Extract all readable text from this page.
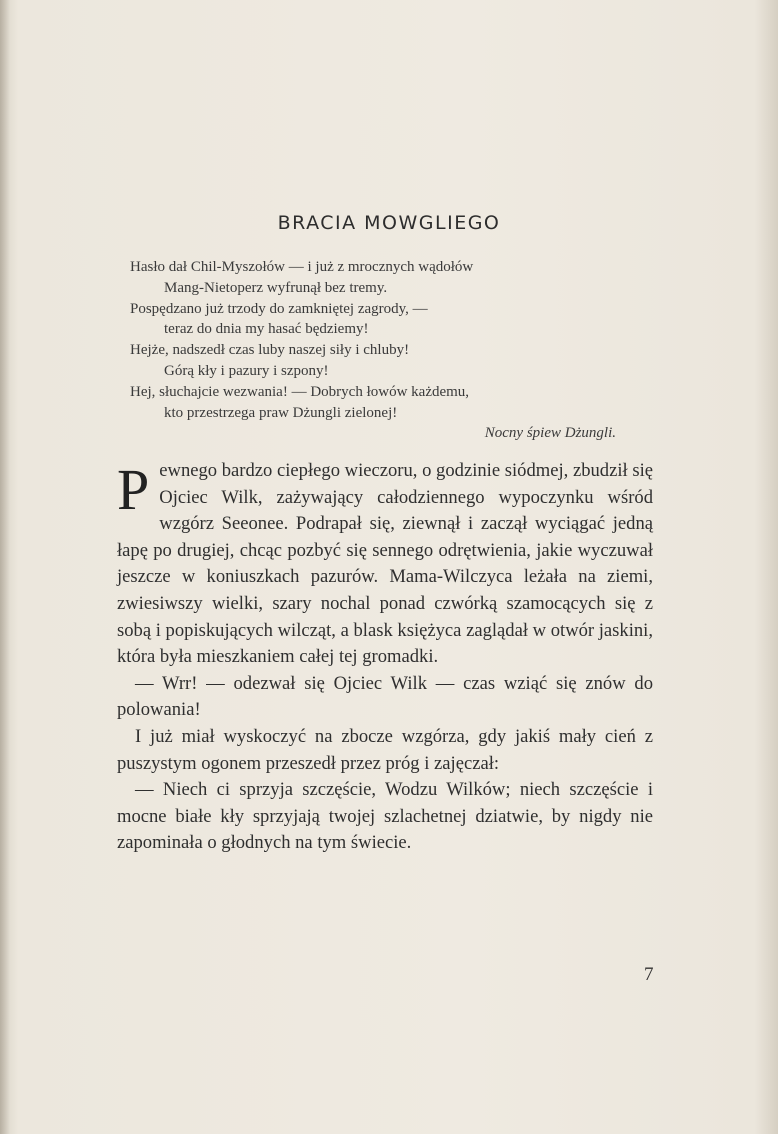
BRACIA MOWGLIEGO
Hasło dał Chil-Myszołów — i już z mrocznych wądołów
Mang-Nietoperz wyfrunął bez tremy.
Pospędzano już trzody do zamkniętej zagrody, —
teraz do dnia my hasać będziemy!
Hejże, nadszedł czas luby naszej siły i chluby!
Górą kły i pazury i szpony!
Hej, słuchajcie wezwania! — Dobrych łowów każdemu,
kto przestrzega praw Dżungli zielonej!
Nocny śpiew Dżungli.

Pewnego bardzo ciepłego wieczoru, o godzinie siódmej, zbudził się Ojciec Wilk, zażywający całodziennego wypoczynku wśród wzgórz Seeonee. Podrapał się, ziewnął i zaczął wyciągać jedną łapę po drugiej, chcąc pozbyć się sennego odrętwienia, jakie wyczuwał jeszcze w koniuszkach pazurów. Mama-Wilczyca leżała na ziemi, zwiesiwszy wielki, szary nochal ponad czwórką szamocących się z sobą i popiskujących wilcząt, a blask księżyca zaglądał w otwór jaskini, która była mieszkaniem całej tej gromadki.

— Wrr! — odezwał się Ojciec Wilk — czas wziąć się znów do polowania!

I już miał wyskoczyć na zbocze wzgórza, gdy jakiś mały cień z puszystym ogonem przeszedł przez próg i zajęczał:

— Niech ci sprzyja szczęście, Wodzu Wilków; niech szczęście i mocne białe kły sprzyjają twojej szlachetnej dziatwie, by nigdy nie zapominała o głodnych na tym świecie.

7
